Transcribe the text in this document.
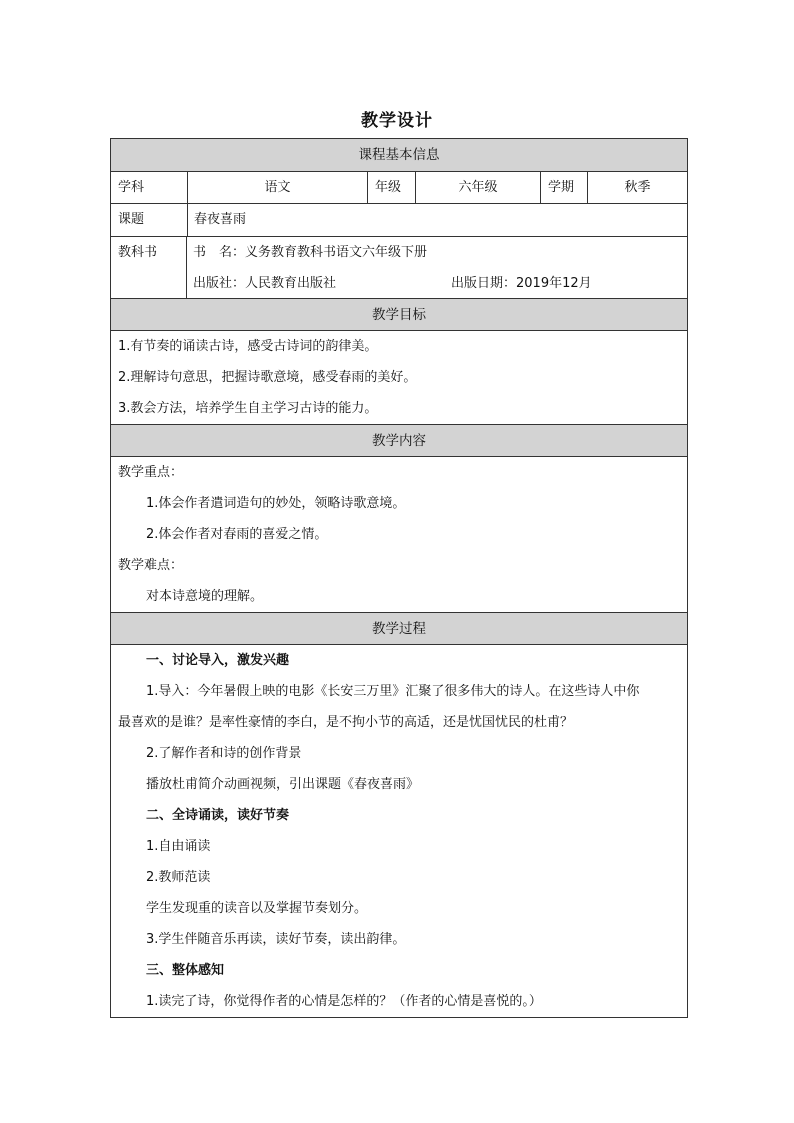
教学设计
课程基本信息
学科	语文	年级	六年级	学期	秋季
课题	春夜喜雨
教科书	书　名：义务教育教科书语文六年级下册
出版社：人民教育出版社	出版日期：2019年12月
教学目标
1.有节奏的诵读古诗，感受古诗词的韵律美。
2.理解诗句意思，把握诗歌意境，感受春雨的美好。
3.教会方法，培养学生自主学习古诗的能力。
教学内容
教学重点：
1.体会作者遣词造句的妙处，领略诗歌意境。
2.体会作者对春雨的喜爱之情。
教学难点：
对本诗意境的理解。
教学过程
一、讨论导入，激发兴趣
1.导入：今年暑假上映的电影《长安三万里》汇聚了很多伟大的诗人。在这些诗人中你
最喜欢的是谁？是率性豪情的李白，是不拘小节的高适，还是忧国忧民的杜甫？
2.了解作者和诗的创作背景
播放杜甫简介动画视频，引出课题《春夜喜雨》
二、全诗诵读，读好节奏
1.自由诵读
2.教师范读
学生发现重的读音以及掌握节奏划分。
3.学生伴随音乐再读，读好节奏，读出韵律。
三、整体感知
1.读完了诗，你觉得作者的心情是怎样的？（作者的心情是喜悦的。）
